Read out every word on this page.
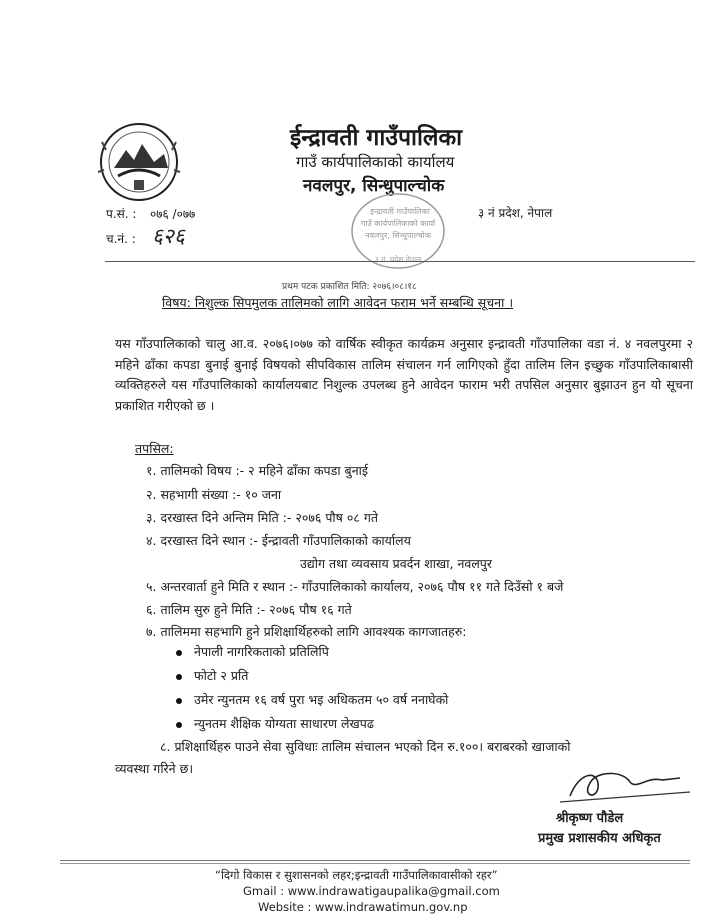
ईन्द्रावती गाउँपालिका
गाउँ कार्यपालिकाको कार्यालय
नवलपुर, सिन्धुपाल्चोक
प.सं. : ०७६ /०७७	३ नं प्रदेश, नेपाल
च.नं. : ६२६
इन्द्रावती गाउँपालिका
गाउँ कार्यपालिकाको कार्या
नवलपुर, सिन्धुपाल्चोक
३ नं. प्रदेश नेपाल
प्रथम पटक प्रकाशित मिति: २०७६।०८।१८
विषय: निशुल्क सिपमुलक तालिमको लागि आवेदन फराम भर्ने सम्बन्धि सूचना ।
यस गाँउपालिकाको चालु आ.व. २०७६।०७७ को वार्षिक स्वीकृत कार्यक्रम अनुसार इन्द्रावती गाँउपालिका वडा नं. ४ नवलपुरमा २ महिने ढाँका कपडा बुनाई बुनाई विषयको सीपविकास तालिम संचालन गर्न लागिएको हुँदा तालिम लिन इच्छुक गाँउपालिकाबासी व्यक्तिहरुले यस गाँउपालिकाको कार्यालयबाट निशुल्क उपलब्ध हुने आवेदन फाराम भरी तपसिल अनुसार बुझाउन हुन यो सूचना प्रकाशित गरीएको छ ।
तपसिल:
१. तालिमको विषय :- २ महिने ढाँका कपडा बुनाई
२. सहभागी संख्या :- १० जना
३. दरखास्त दिने अन्तिम मिति :- २०७६ पौष ०८ गते
४. दरखास्त दिने स्थान :- ईन्द्रावती गाँउपालिकाको कार्यालय
उद्योग तथा व्यवसाय प्रवर्दन शाखा, नवलपुर
५. अन्तरवार्ता हुने मिति र स्थान :- गाँउपालिकाको कार्यालय, २०७६ पौष ११ गते दिउँसो १ बजे
६. तालिम सुरु हुने मिति :- २०७६ पौष १६ गते
७. तालिममा सहभागि हुने प्रशिक्षार्थिहरुको लागि आवश्यक कागजातहरु:
नेपाली नागरिकताको प्रतिलिपि
फोटो २ प्रति
उमेर न्युनतम १६ वर्ष पुरा भइ अधिकतम ५० वर्ष ननाघेको
न्युनतम शैक्षिक योग्यता साधारण लेखपढ
८. प्रशिक्षार्थिहरु पाउने सेवा सुविधाः तालिम संचालन भएको दिन रु.१००। बराबरको खाजाको
व्यवस्था गरिने छ।
श्रीकृष्ण पौडेल
प्रमुख प्रशासकीय अधिकृत
“दिगो विकास र सुशासनको लहर;इन्द्रावती गाउँपालिकावासीको रहर”
Gmail : www.indrawatigaupalika@gmail.com
Website : www.indrawatimun.gov.np
